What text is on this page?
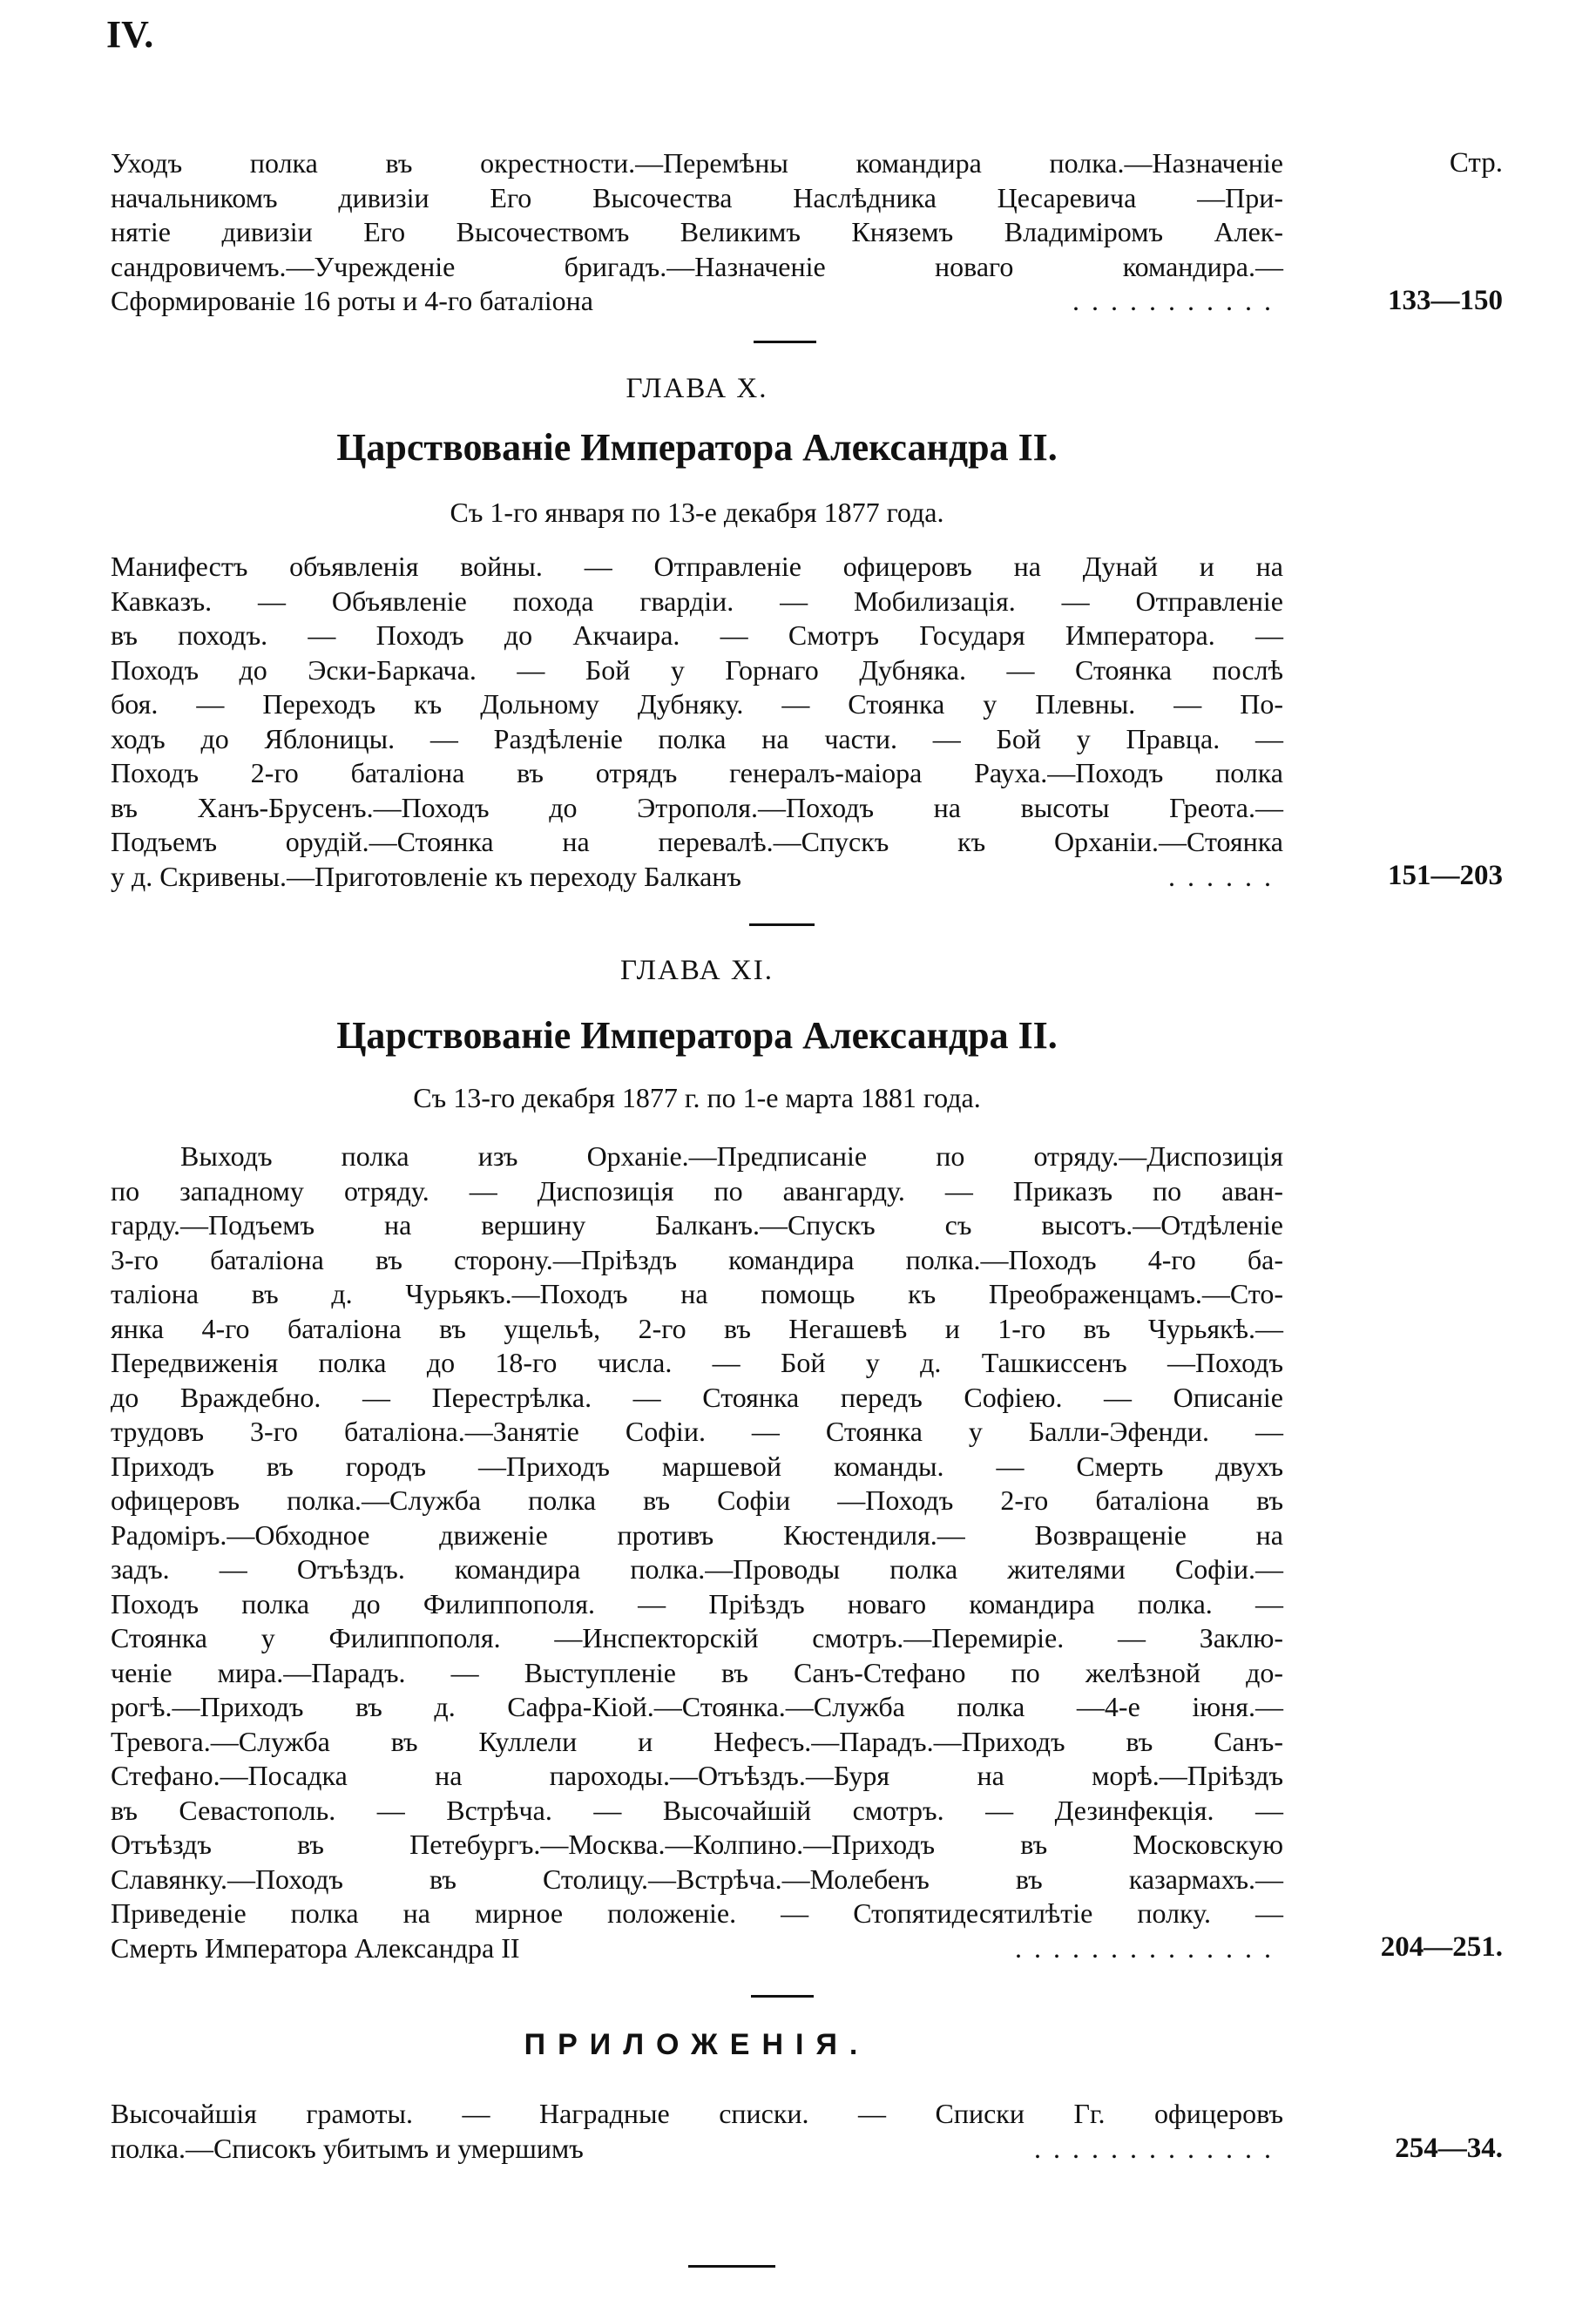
IV.
Стр.
Уходъ полка въ окрестности.—Перемѣны командира полка.—Назначеніе
начальникомъ дивизіи Его Высочества Наслѣдника Цесаревича —При-
нятіе дивизіи Его Высочествомъ Великимъ Княземъ Владиміромъ Алек-
сандровичемъ.—Учрежденіе бригадъ.—Назначеніе новаго командира.—
Сформированіе 16 роты и 4-го баталіона	...........	133—150
ГЛАВА X.
Царствованіе Императора Александра II.
Съ 1-го января по 13-е декабря 1877 года.
Манифестъ объявленія войны. — Отправленіе офицеровъ на Дунай и на
Кавказъ. — Объявленіе похода гвардіи. — Мобилизація. — Отправленіе
въ походъ. — Походъ до Акчаира. — Смотръ Государя Императора. —
Походъ до Эски-Баркача. — Бой у Горнаго Дубняка. — Стоянка послѣ
боя. — Переходъ къ Дольному Дубняку. — Стоянка у Плевны. — По-
ходъ до Яблоницы. — Раздѣленіе полка на части. — Бой у Правца. —
Походъ 2-го баталіона въ отрядъ генералъ-маіора Рауха.—Походъ полка
въ Ханъ-Брусенъ.—Походъ до Этрополя.—Походъ на высоты Греота.—
Подъемъ орудій.—Стоянка на перевалѣ.—Спускъ къ Орханіи.—Стоянка
у д. Скривены.—Приготовленіе къ переходу Балканъ	......	151—203
ГЛАВА XI.
Царствованіе Императора Александра II.
Съ 13-го декабря 1877 г. по 1-е марта 1881 года.
Выходъ полка изъ Орханіе.—Предписаніе по отряду.—Диспозиція
по западному отряду. — Диспозиція по авангарду. — Приказъ по аван-
гарду.—Подъемъ на вершину Балканъ.—Спускъ съ высотъ.—Отдѣленіе
3-го баталіона въ сторону.—Пріѣздъ командира полка.—Походъ 4-го ба-
таліона въ д. Чурьякъ.—Походъ на помощь къ Преображенцамъ.—Сто-
янка 4-го баталіона въ ущельѣ, 2-го въ Негашевѣ и 1-го въ Чурьякѣ.—
Передвиженія полка до 18-го числа. — Бой у д. Ташкиссенъ —Походъ
до Враждебно. — Перестрѣлка. — Стоянка передъ Софіею. — Описаніе
трудовъ 3-го баталіона.—Занятіе Софіи. — Стоянка у Балли-Эфенди. —
Приходъ въ городъ —Приходъ маршевой команды. — Смерть двухъ
офицеровъ полка.—Служба полка въ Софіи —Походъ 2-го баталіона въ
Радоміръ.—Обходное движеніе противъ Кюстендиля.— Возвращеніе на
задъ. — Отъѣздъ. командира полка.—Проводы полка жителями Софіи.—
Походъ полка до Филиппополя. — Пріѣздъ новаго командира полка. —
Стоянка у Филиппополя. —Инспекторскій смотръ.—Перемиріе. — Заклю-
ченіе мира.—Парадъ. — Выступленіе въ Санъ-Стефано по желѣзной до-
рогѣ.—Приходъ въ д. Сафра-Кіой.—Стоянка.—Служба полка —4-е іюня.—
Тревога.—Служба въ Куллели и Нефесъ.—Парадъ.—Приходъ въ Санъ-
Стефано.—Посадка на пароходы.—Отъѣздъ.—Буря на морѣ.—Пріѣздъ
въ Севастополь. — Встрѣча. — Высочайшій смотръ. — Дезинфекція. —
Отъѣздъ въ Петебургъ.—Москва.—Колпино.—Приходъ въ Московскую
Славянку.—Походъ въ Столицу.—Встрѣча.—Молебенъ въ казармахъ.—
Приведеніе полка на мирное положеніе. — Стопятидесятилѣтіе полку. —
Смерть Императора Александра II	..............	204—251.
ПРИЛОЖЕНІЯ.
Высочайшія грамоты. — Наградные списки. — Списки Гг. офицеровъ
полка.—Списокъ убитымъ и умершимъ	.............	254—34.
